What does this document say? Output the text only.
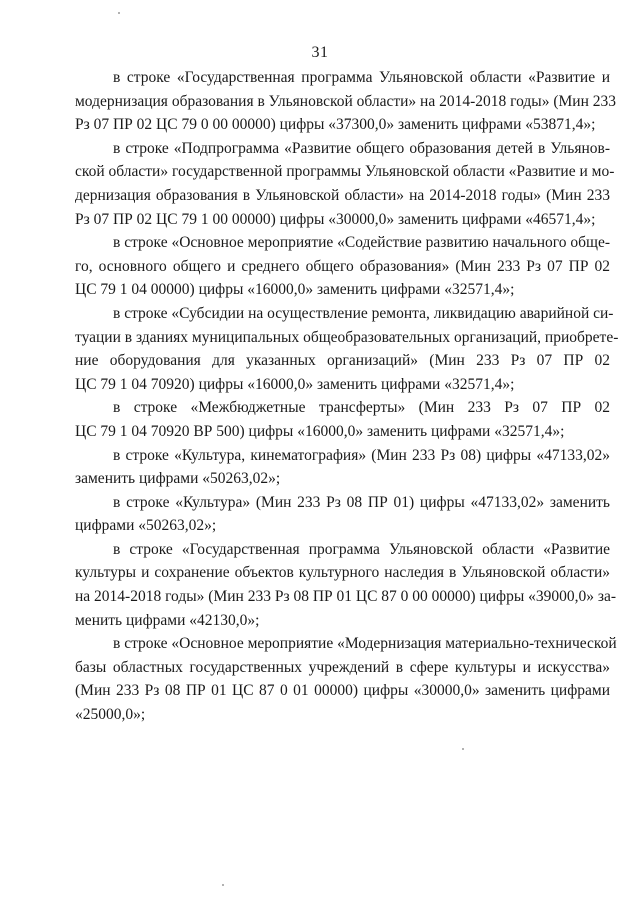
31
в строке «Государственная программа Ульяновской области «Развитие и
модернизация образования в Ульяновской области» на 2014-2018 годы» (Мин 233
Рз 07 ПР 02 ЦС 79 0 00 00000) цифры «37300,0» заменить цифрами «53871,4»;
в строке «Подпрограмма «Развитие общего образования детей в Ульянов-
ской области» государственной программы Ульяновской области «Развитие и мо-
дернизация образования в Ульяновской области» на 2014-2018 годы» (Мин 233
Рз 07 ПР 02 ЦС 79 1 00 00000) цифры «30000,0» заменить цифрами «46571,4»;
в строке «Основное мероприятие «Содействие развитию начального обще-
го, основного общего и среднего общего образования» (Мин 233 Рз 07 ПР 02
ЦС 79 1 04 00000) цифры «16000,0» заменить цифрами «32571,4»;
в строке «Субсидии на осуществление ремонта, ликвидацию аварийной си-
туации в зданиях муниципальных общеобразовательных организаций, приобрете-
ние оборудования для указанных организаций» (Мин 233 Рз 07 ПР 02
ЦС 79 1 04 70920) цифры «16000,0» заменить цифрами «32571,4»;
в строке «Межбюджетные трансферты» (Мин 233 Рз 07 ПР 02
ЦС 79 1 04 70920 ВР 500) цифры «16000,0» заменить цифрами «32571,4»;
в строке «Культура, кинематография» (Мин 233 Рз 08) цифры «47133,02»
заменить цифрами «50263,02»;
в строке «Культура» (Мин 233 Рз 08 ПР 01) цифры «47133,02» заменить
цифрами «50263,02»;
в строке «Государственная программа Ульяновской области «Развитие
культуры и сохранение объектов культурного наследия в Ульяновской области»
на 2014-2018 годы» (Мин 233 Рз 08 ПР 01 ЦС 87 0 00 00000) цифры «39000,0» за-
менить цифрами «42130,0»;
в строке «Основное мероприятие «Модернизация материально-технической
базы областных государственных учреждений в сфере культуры и искусства»
(Мин 233 Рз 08 ПР 01 ЦС 87 0 01 00000) цифры «30000,0» заменить цифрами
«25000,0»;
